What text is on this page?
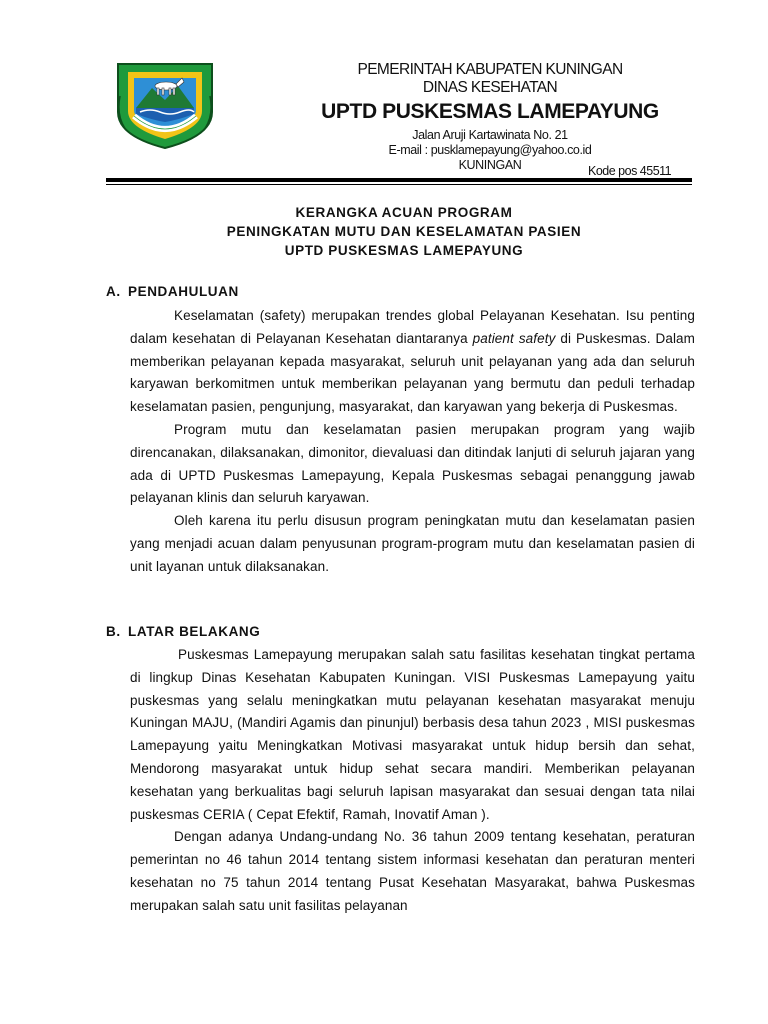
PEMERINTAH KABUPATEN KUNINGAN
DINAS KESEHATAN
UPTD PUSKESMAS LAMEPAYUNG
Jalan Aruji Kartawinata No. 21
E-mail : pusklamepayung@yahoo.co.id
KUNINGAN	Kode pos 45511
KERANGKA ACUAN PROGRAM
PENINGKATAN MUTU DAN KESELAMATAN PASIEN
UPTD PUSKESMAS LAMEPAYUNG
A. PENDAHULUAN

Keselamatan (safety) merupakan trendes global Pelayanan Kesehatan. Isu penting dalam kesehatan di Pelayanan Kesehatan diantaranya patient safety di Puskesmas. Dalam memberikan pelayanan kepada masyarakat, seluruh unit pelayanan yang ada dan seluruh karyawan berkomitmen untuk memberikan pelayanan yang bermutu dan peduli terhadap keselamatan pasien, pengunjung, masyarakat, dan karyawan yang bekerja di Puskesmas.

Program mutu dan keselamatan pasien merupakan program yang wajib direncanakan, dilaksanakan, dimonitor, dievaluasi dan ditindak lanjuti di seluruh jajaran yang ada di UPTD Puskesmas Lamepayung, Kepala Puskesmas sebagai penanggung jawab pelayanan klinis dan seluruh karyawan.

Oleh karena itu perlu disusun program peningkatan mutu dan keselamatan pasien yang menjadi acuan dalam penyusunan program-program mutu dan keselamatan pasien di unit layanan untuk dilaksanakan.

B. LATAR BELAKANG

Puskesmas Lamepayung merupakan salah satu fasilitas kesehatan tingkat pertama di lingkup Dinas Kesehatan Kabupaten Kuningan. VISI Puskesmas Lamepayung yaitu puskesmas yang selalu meningkatkan mutu pelayanan kesehatan masyarakat menuju Kuningan MAJU, (Mandiri Agamis dan pinunjul) berbasis desa tahun 2023 , MISI puskesmas Lamepayung yaitu Meningkatkan Motivasi masyarakat untuk hidup bersih dan sehat, Mendorong masyarakat untuk hidup sehat secara mandiri. Memberikan pelayanan kesehatan yang berkualitas bagi seluruh lapisan masyarakat dan sesuai dengan tata nilai puskesmas CERIA ( Cepat Efektif, Ramah, Inovatif Aman ).

Dengan adanya Undang-undang No. 36 tahun 2009 tentang kesehatan, peraturan pemerintan no 46 tahun 2014 tentang sistem informasi kesehatan dan peraturan menteri kesehatan no 75 tahun 2014 tentang Pusat Kesehatan Masyarakat, bahwa Puskesmas merupakan salah satu unit fasilitas pelayanan
